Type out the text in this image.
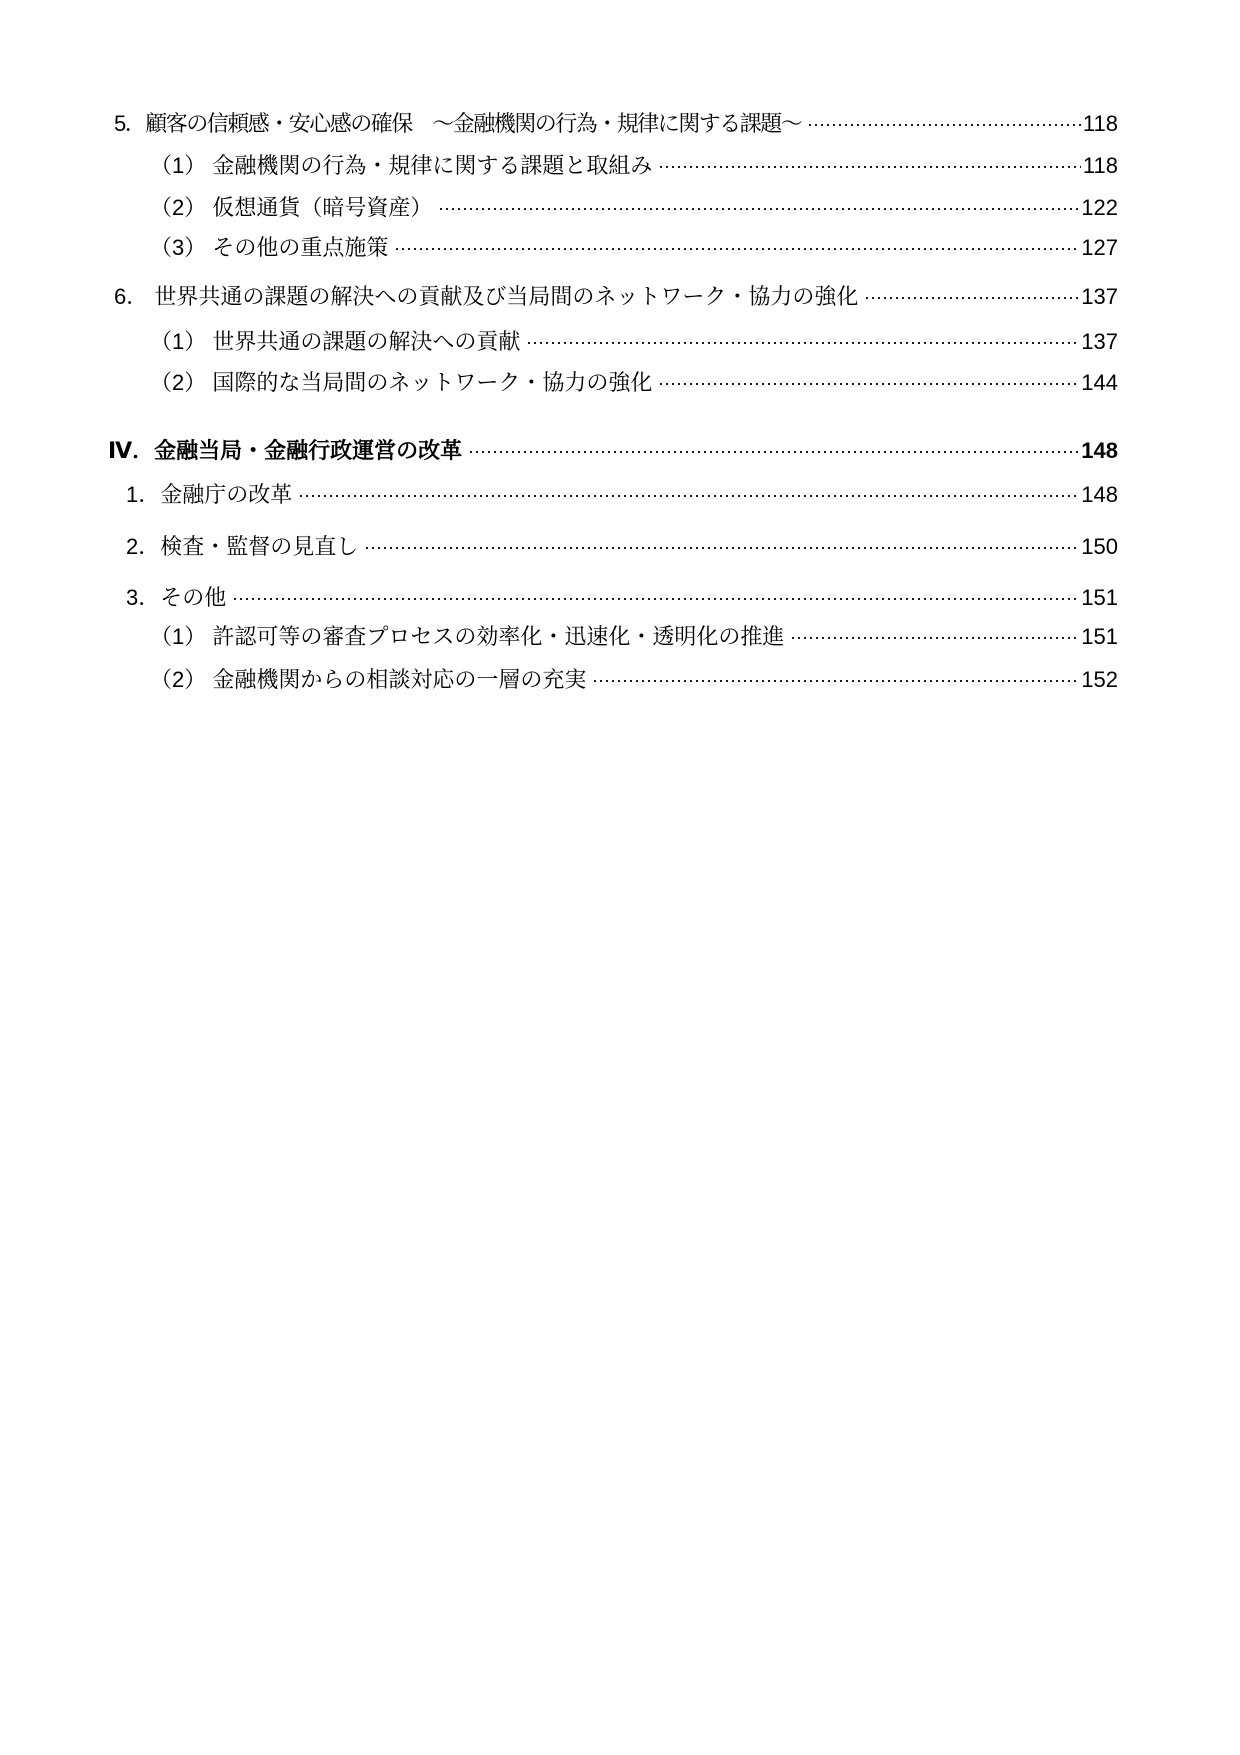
5．顧客の信頼感・安心感の確保　～金融機関の行為・規律に関する課題～	118
（1） 金融機関の行為・規律に関する課題と取組み	118
（2） 仮想通貨（暗号資産）	122
（3） その他の重点施策	127
6． 世界共通の課題の解決への貢献及び当局間のネットワーク・協力の強化	137
（1） 世界共通の課題の解決への貢献	137
（2） 国際的な当局間のネットワーク・協力の強化	144
Ⅳ．金融当局・金融行政運営の改革	148
1．金融庁の改革	148
2．検査・監督の見直し	150
3．その他	151
（1） 許認可等の審査プロセスの効率化・迅速化・透明化の推進	151
（2） 金融機関からの相談対応の一層の充実	152
